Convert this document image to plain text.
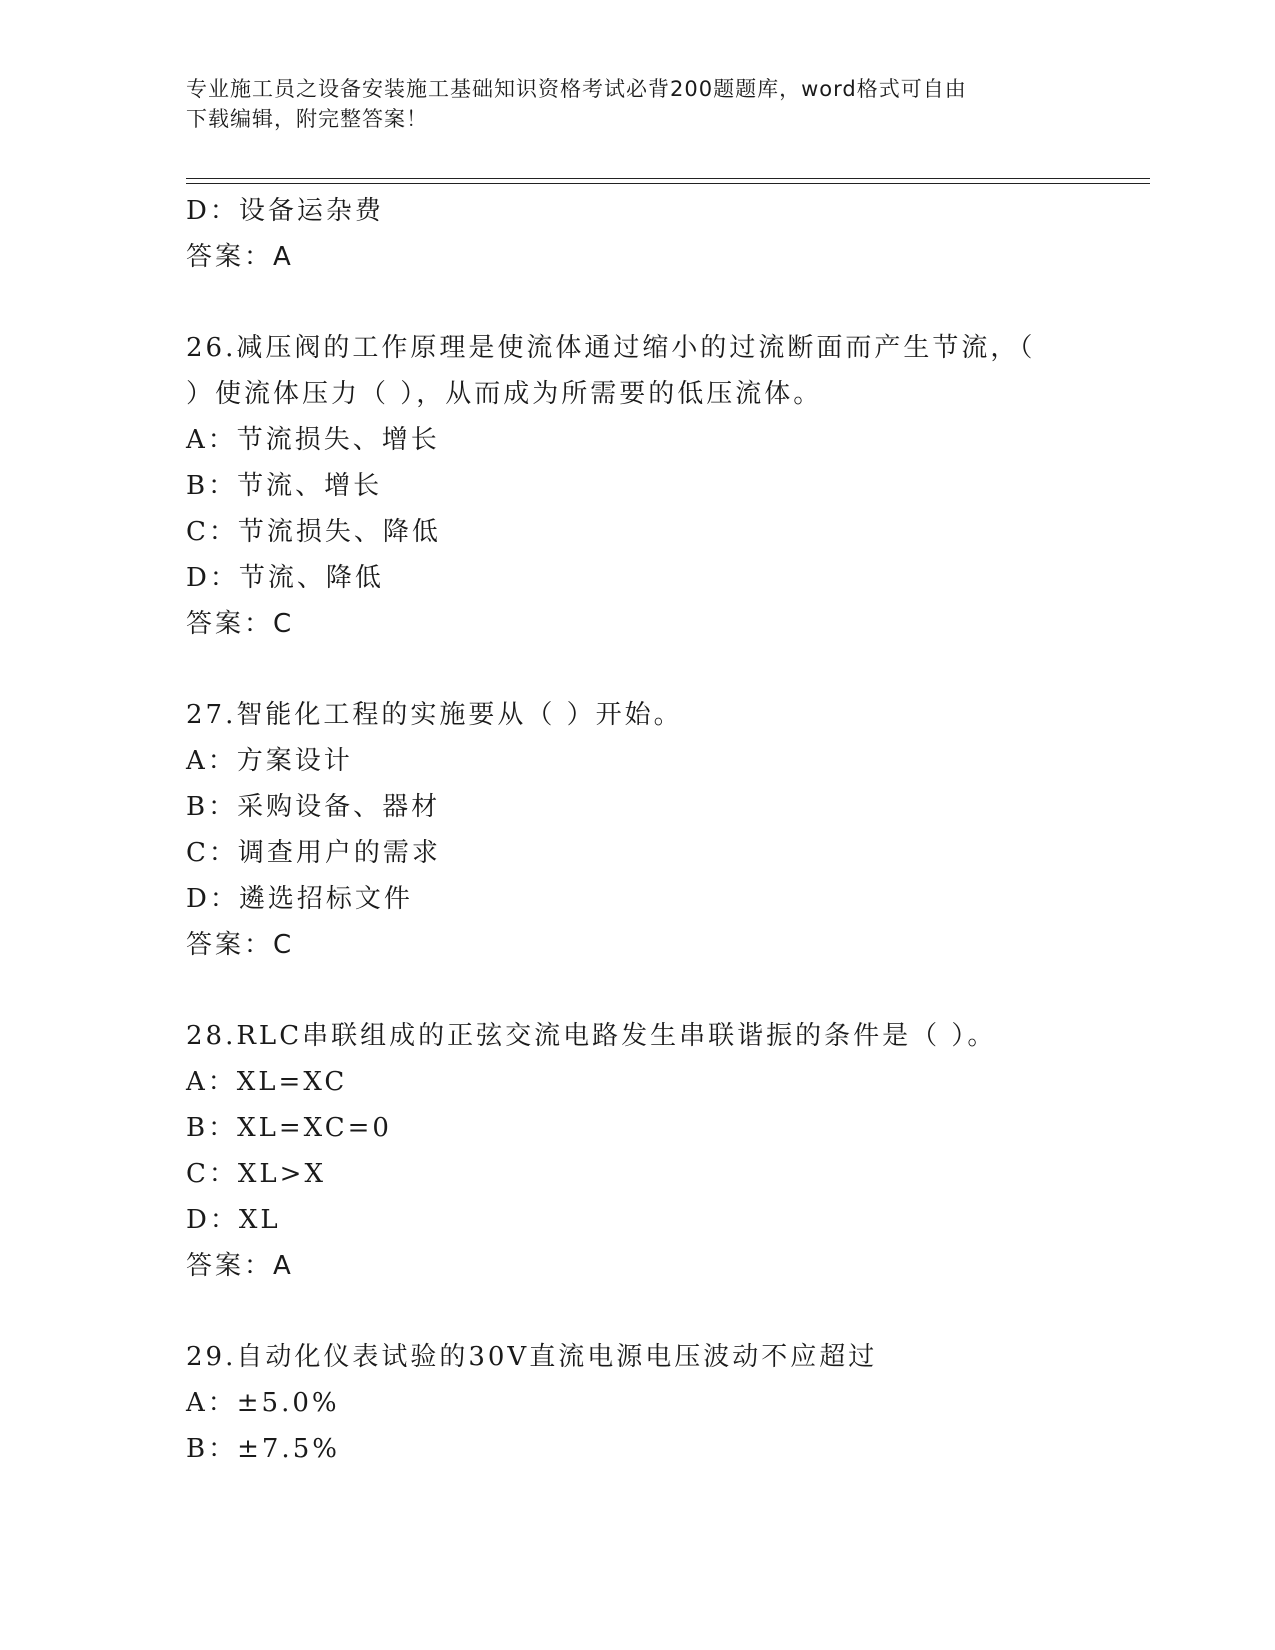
专业施工员之设备安装施工基础知识资格考试必背200题题库，word格式可自由
下载编辑，附完整答案！
D：设备运杂费
答案：A
26.减压阀的工作原理是使流体通过缩小的过流断面而产生节流，（
）使流体压力（ ），从而成为所需要的低压流体。
A：节流损失、增长
B：节流、增长
C：节流损失、降低
D：节流、降低
答案：C
27.智能化工程的实施要从（ ）开始。
A：方案设计
B：采购设备、器材
C：调查用户的需求
D：遴选招标文件
答案：C
28.RLC串联组成的正弦交流电路发生串联谐振的条件是（ ）。
A：XL=XC
B：XL=XC=0
C：XL>X
D：XL
答案：A
29.自动化仪表试验的30V直流电源电压波动不应超过
A：±5.0%
B：±7.5%
